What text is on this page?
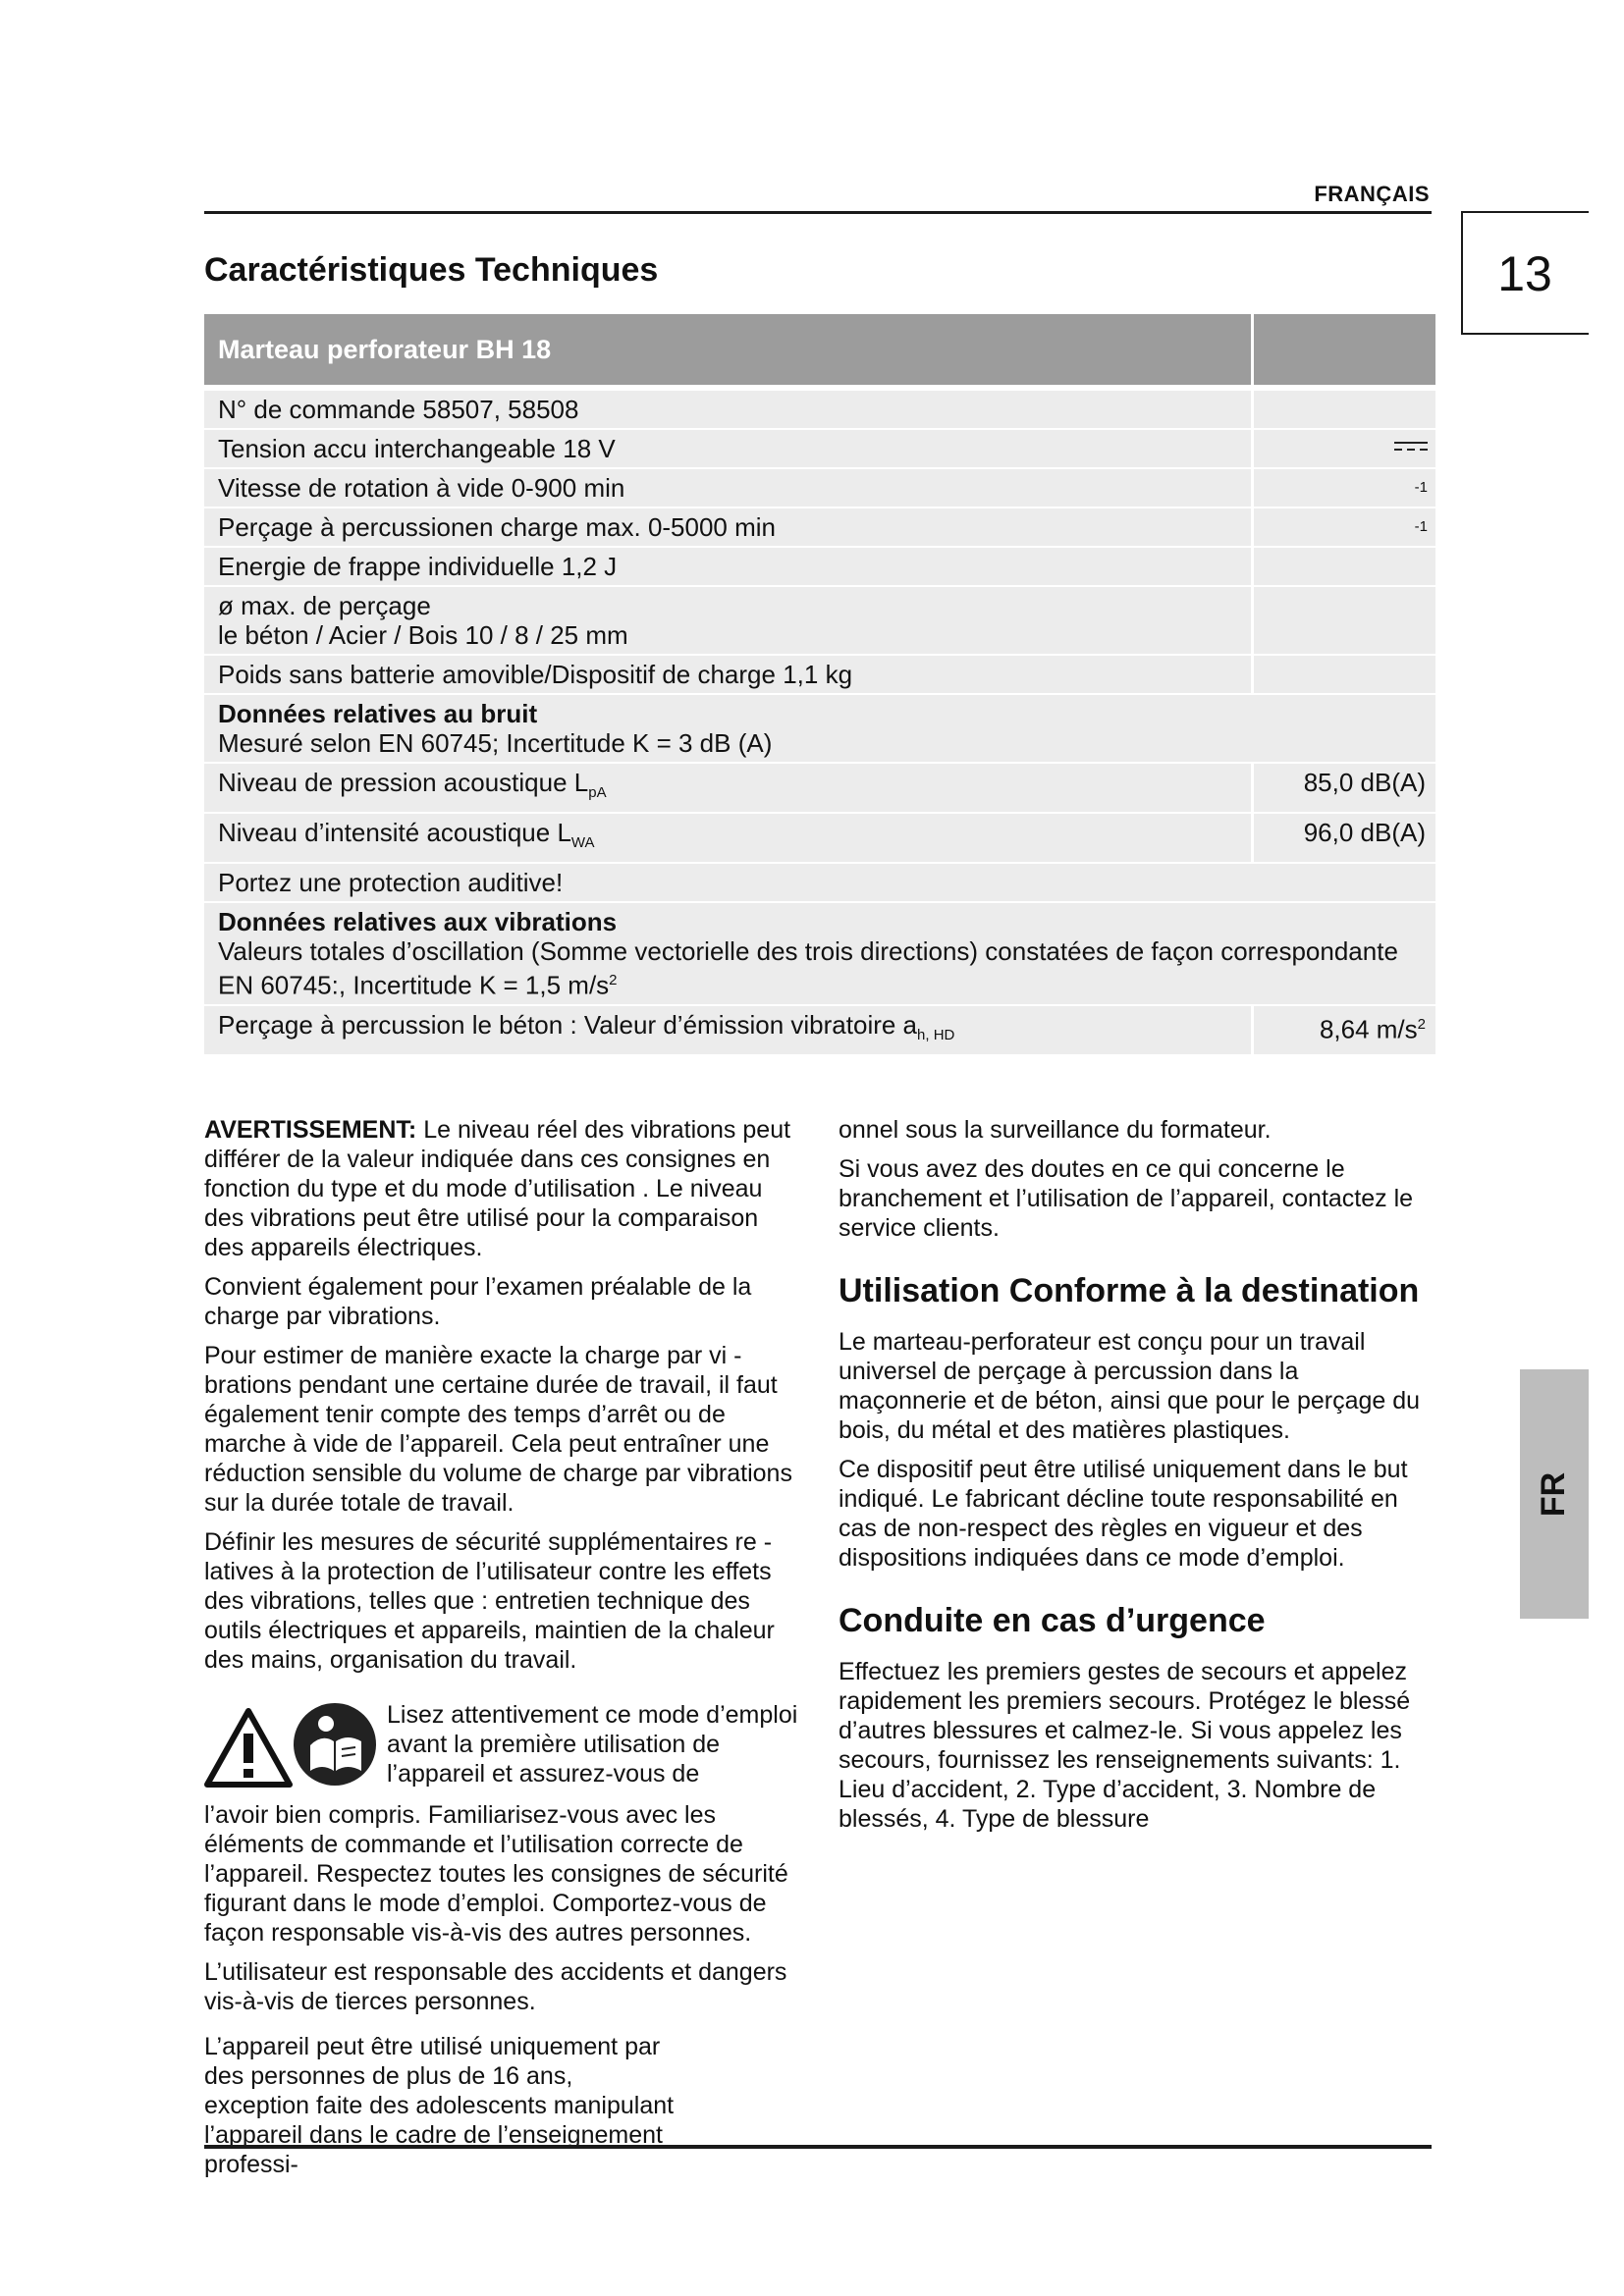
FRANÇAIS
13
Caractéristiques Techniques
Marteau perforateur BH 18
N° de commande 58507, 58508
Tension accu interchangeable 18 V
Vitesse de rotation à vide 0-900 min	-1
Perçage à percussionen charge max. 0-5000 min	-1
Energie de frappe individuelle 1,2 J
ø max. de perçage
le béton / Acier / Bois 10 / 8 / 25 mm
Poids sans batterie amovible/Dispositif de charge 1,1 kg
Données relatives au bruit
Mesuré selon EN 60745; Incertitude K = 3 dB (A)
Niveau de pression acoustique $L_{pA}$	85,0 dB(A)
Niveau d’intensité acoustique $L_{WA}$	96,0 dB(A)
Portez une protection auditive!
Données relatives aux vibrations
Valeurs totales d’oscillation (Somme vectorielle des trois directions) constatées de façon correspondante EN 60745:, Incertitude K = 1,5 $m/s^2$
Perçage à percussion le béton : Valeur d’émission vibratoire $a_{h, HD}$	8,64 $m/s^2$

AVERTISSEMENT: Le niveau réel des vibrations peut différer de la valeur indiquée dans ces consignes en fonction du type et du mode d’utilisation . Le niveau des vibrations peut être utilisé pour la comparaison des appareils électriques.

Convient également pour l’examen préalable de la charge par vibrations.

Pour estimer de manière exacte la charge par vi - brations pendant une certaine durée de travail, il faut également tenir compte des temps d’arrêt ou de marche à vide de l’appareil. Cela peut entraîner une réduction sensible du volume de charge par vibrations sur la durée totale de travail.

Définir les mesures de sécurité supplémentaires re - latives à la protection de l’utilisateur contre les effets des vibrations, telles que : entretien technique des outils électriques et appareils, maintien de la chaleur des mains, organisation du travail.

Lisez attentivement ce mode d’emploi avant la première utilisation de l’appareil et assurez-vous de

l’avoir bien compris. Familiarisez-vous avec les éléments de commande et l’utilisation correcte de l’appareil. Respectez toutes les consignes de sécurité figurant dans le mode d’emploi. Comportez-vous de façon responsable vis-à-vis des autres personnes.

L’utilisateur est responsable des accidents et dangers vis-à-vis de tierces personnes.

L’appareil peut être utilisé uniquement par des personnes de plus de 16 ans, exception faite des adolescents manipulant l’appareil dans le cadre de l’enseignement professi-

onnel sous la surveillance du formateur.

Si vous avez des doutes en ce qui concerne le branchement et l’utilisation de l’appareil, contactez le service clients.

Utilisation Conforme à la destination

Le marteau-perforateur est conçu pour un travail universel de perçage à percussion dans la maçonnerie et de béton, ainsi que pour le perçage du bois, du métal et des matières plastiques.

Ce dispositif peut être utilisé uniquement dans le but indiqué. Le fabricant décline toute responsabilité en cas de non-respect des règles en vigueur et des dispositions indiquées dans ce mode d’emploi.

Conduite en cas d’urgence

Effectuez les premiers gestes de secours et appelez rapidement les premiers secours. Protégez le blessé d’autres blessures et calmez-le. Si vous appelez les secours, fournissez les renseignements suivants: 1. Lieu d’accident, 2. Type d’accident, 3. Nombre de blessés, 4. Type de blessure

FR
